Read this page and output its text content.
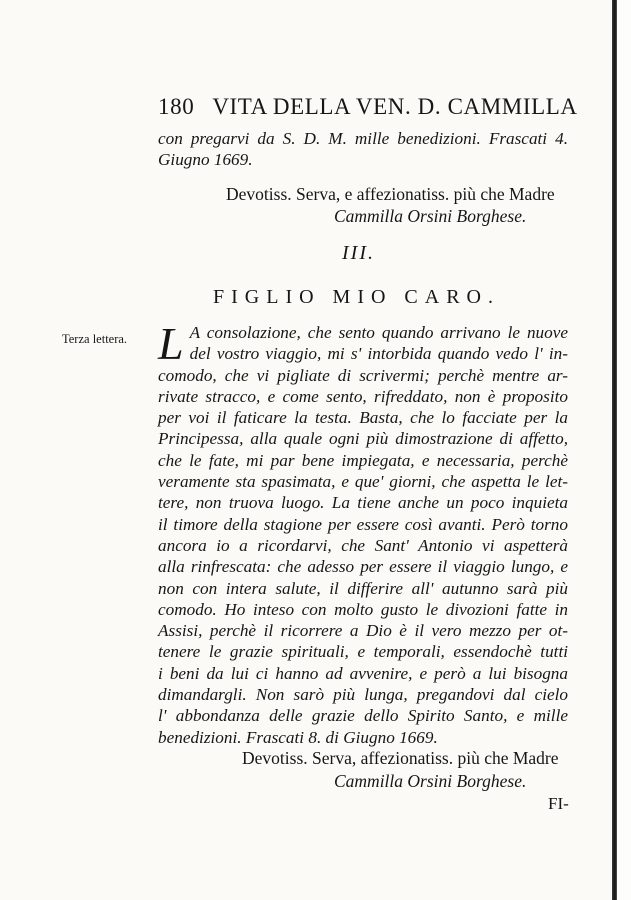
180 VITA DELLA VEN. D. CAMMILLA
con pregarvi da S. D. M. mille benedizioni. Frascati 4.
Giugno 1669.
Devotiss. Serva, e affezionatiss. più che Madre
Cammilla Orsini Borghese.
III.
FIGLIO MIO CARO.
Terza lettera. L A consolazione, che sento quando arrivano le nuove
del vostro viaggio, mi s' intorbida quando vedo l' in-
comodo, che vi pigliate di scrivermi; perchè mentre ar-
rivate stracco, e come sento, rifreddato, non è proposito
per voi il faticare la testa. Basta, che lo facciate per la
Principessa, alla quale ogni più dimostrazione di affetto,
che le fate, mi par bene impiegata, e necessaria, perchè
veramente sta spasimata, e que' giorni, che aspetta le let-
tere, non truova luogo. La tiene anche un poco inquieta
il timore della stagione per essere così avanti. Però torno
ancora io a ricordarvi, che Sant' Antonio vi aspetterà
alla rinfrescata: che adesso per essere il viaggio lungo, e
non con intera salute, il differire all' autunno sarà più
comodo. Ho inteso con molto gusto le divozioni fatte in
Assisi, perchè il ricorrere a Dio è il vero mezzo per ot-
tenere le grazie spirituali, e temporali, essendochè tutti
i beni da lui ci hanno ad avvenire, e però a lui bisogna
dimandargli. Non sarò più lunga, pregandovi dal cielo
l' abbondanza delle grazie dello Spirito Santo, e mille
benedizioni. Frascati 8. di Giugno 1669.
Devotiss. Serva, affezionatiss. più che Madre
Cammilla Orsini Borghese.
FI-
